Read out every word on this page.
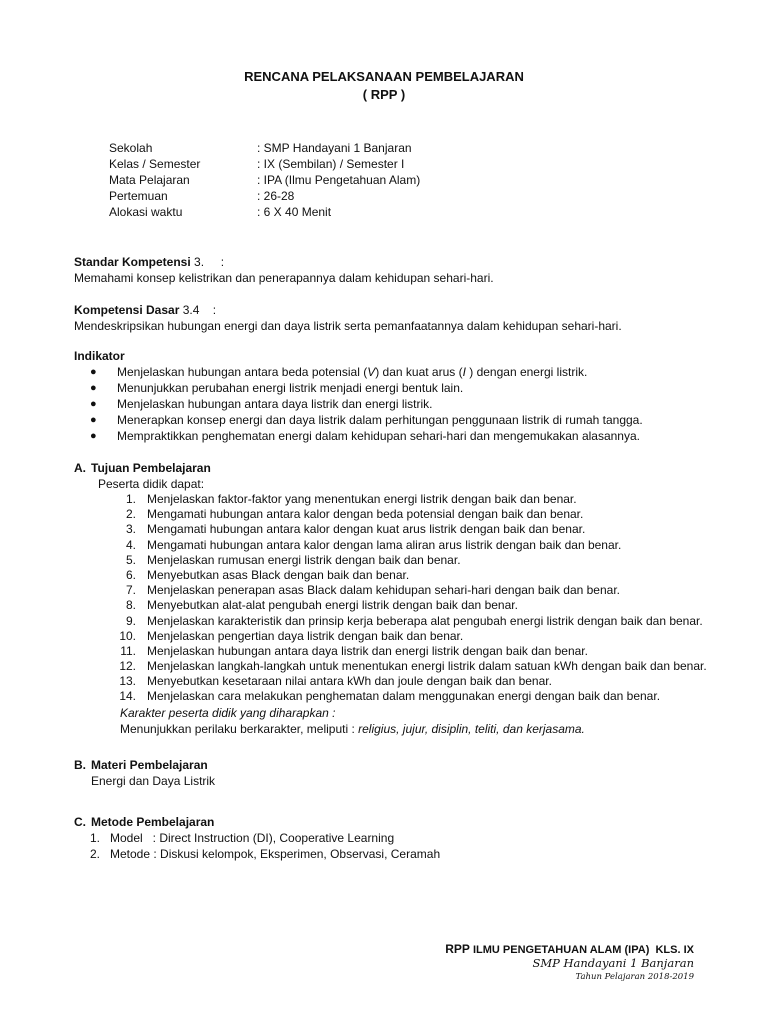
RENCANA PELAKSANAAN PEMBELAJARAN
( RPP )
Sekolah	: SMP Handayani 1 Banjaran
Kelas / Semester	: IX (Sembilan) / Semester I
Mata Pelajaran	: IPA (Ilmu Pengetahuan Alam)
Pertemuan	: 26-28
Alokasi waktu	: 6 X 40 Menit
Standar Kompetensi 3.     :
Memahami konsep kelistrikan dan penerapannya dalam kehidupan sehari-hari.
Kompetensi Dasar 3.4    :
Mendeskripsikan hubungan energi dan daya listrik serta pemanfaatannya dalam kehidupan sehari-hari.
Indikator
● Menjelaskan hubungan antara beda potensial (V) dan kuat arus (I ) dengan energi listrik.
● Menunjukkan perubahan energi listrik menjadi energi bentuk lain.
● Menjelaskan hubungan antara daya listrik dan energi listrik.
● Menerapkan konsep energi dan daya listrik dalam perhitungan penggunaan listrik di rumah tangga.
● Mempraktikkan penghematan energi dalam kehidupan sehari-hari dan mengemukakan alasannya.
A. Tujuan Pembelajaran
Peserta didik dapat:
1. Menjelaskan faktor-faktor yang menentukan energi listrik dengan baik dan benar.
2. Mengamati hubungan antara kalor dengan beda potensial dengan baik dan benar.
3. Mengamati hubungan antara kalor dengan kuat arus listrik dengan baik dan benar.
4. Mengamati hubungan antara kalor dengan lama aliran arus listrik dengan baik dan benar.
5. Menjelaskan rumusan energi listrik dengan baik dan benar.
6. Menyebutkan asas Black dengan baik dan benar.
7. Menjelaskan penerapan asas Black dalam kehidupan sehari-hari dengan baik dan benar.
8. Menyebutkan alat-alat pengubah energi listrik dengan baik dan benar.
9. Menjelaskan karakteristik dan prinsip kerja beberapa alat pengubah energi listrik dengan baik dan benar.
10. Menjelaskan pengertian daya listrik dengan baik dan benar.
11. Menjelaskan hubungan antara daya listrik dan energi listrik dengan baik dan benar.
12. Menjelaskan langkah-langkah untuk menentukan energi listrik dalam satuan kWh dengan baik dan benar.
13. Menyebutkan kesetaraan nilai antara kWh dan joule dengan baik dan benar.
14. Menjelaskan cara melakukan penghematan dalam menggunakan energi dengan baik dan benar.
Karakter peserta didik yang diharapkan :
Menunjukkan perilaku berkarakter, meliputi : religius, jujur, disiplin, teliti, dan kerjasama.
B. Materi Pembelajaran
Energi dan Daya Listrik
C. Metode Pembelajaran
1. Model   : Direct Instruction (DI), Cooperative Learning
2. Metode : Diskusi kelompok, Eksperimen, Observasi, Ceramah
RPP ILMU PENGETAHUAN ALAM (IPA)  KLS. IX
SMP Handayani 1 Banjaran
Tahun Pelajaran 2018-2019
